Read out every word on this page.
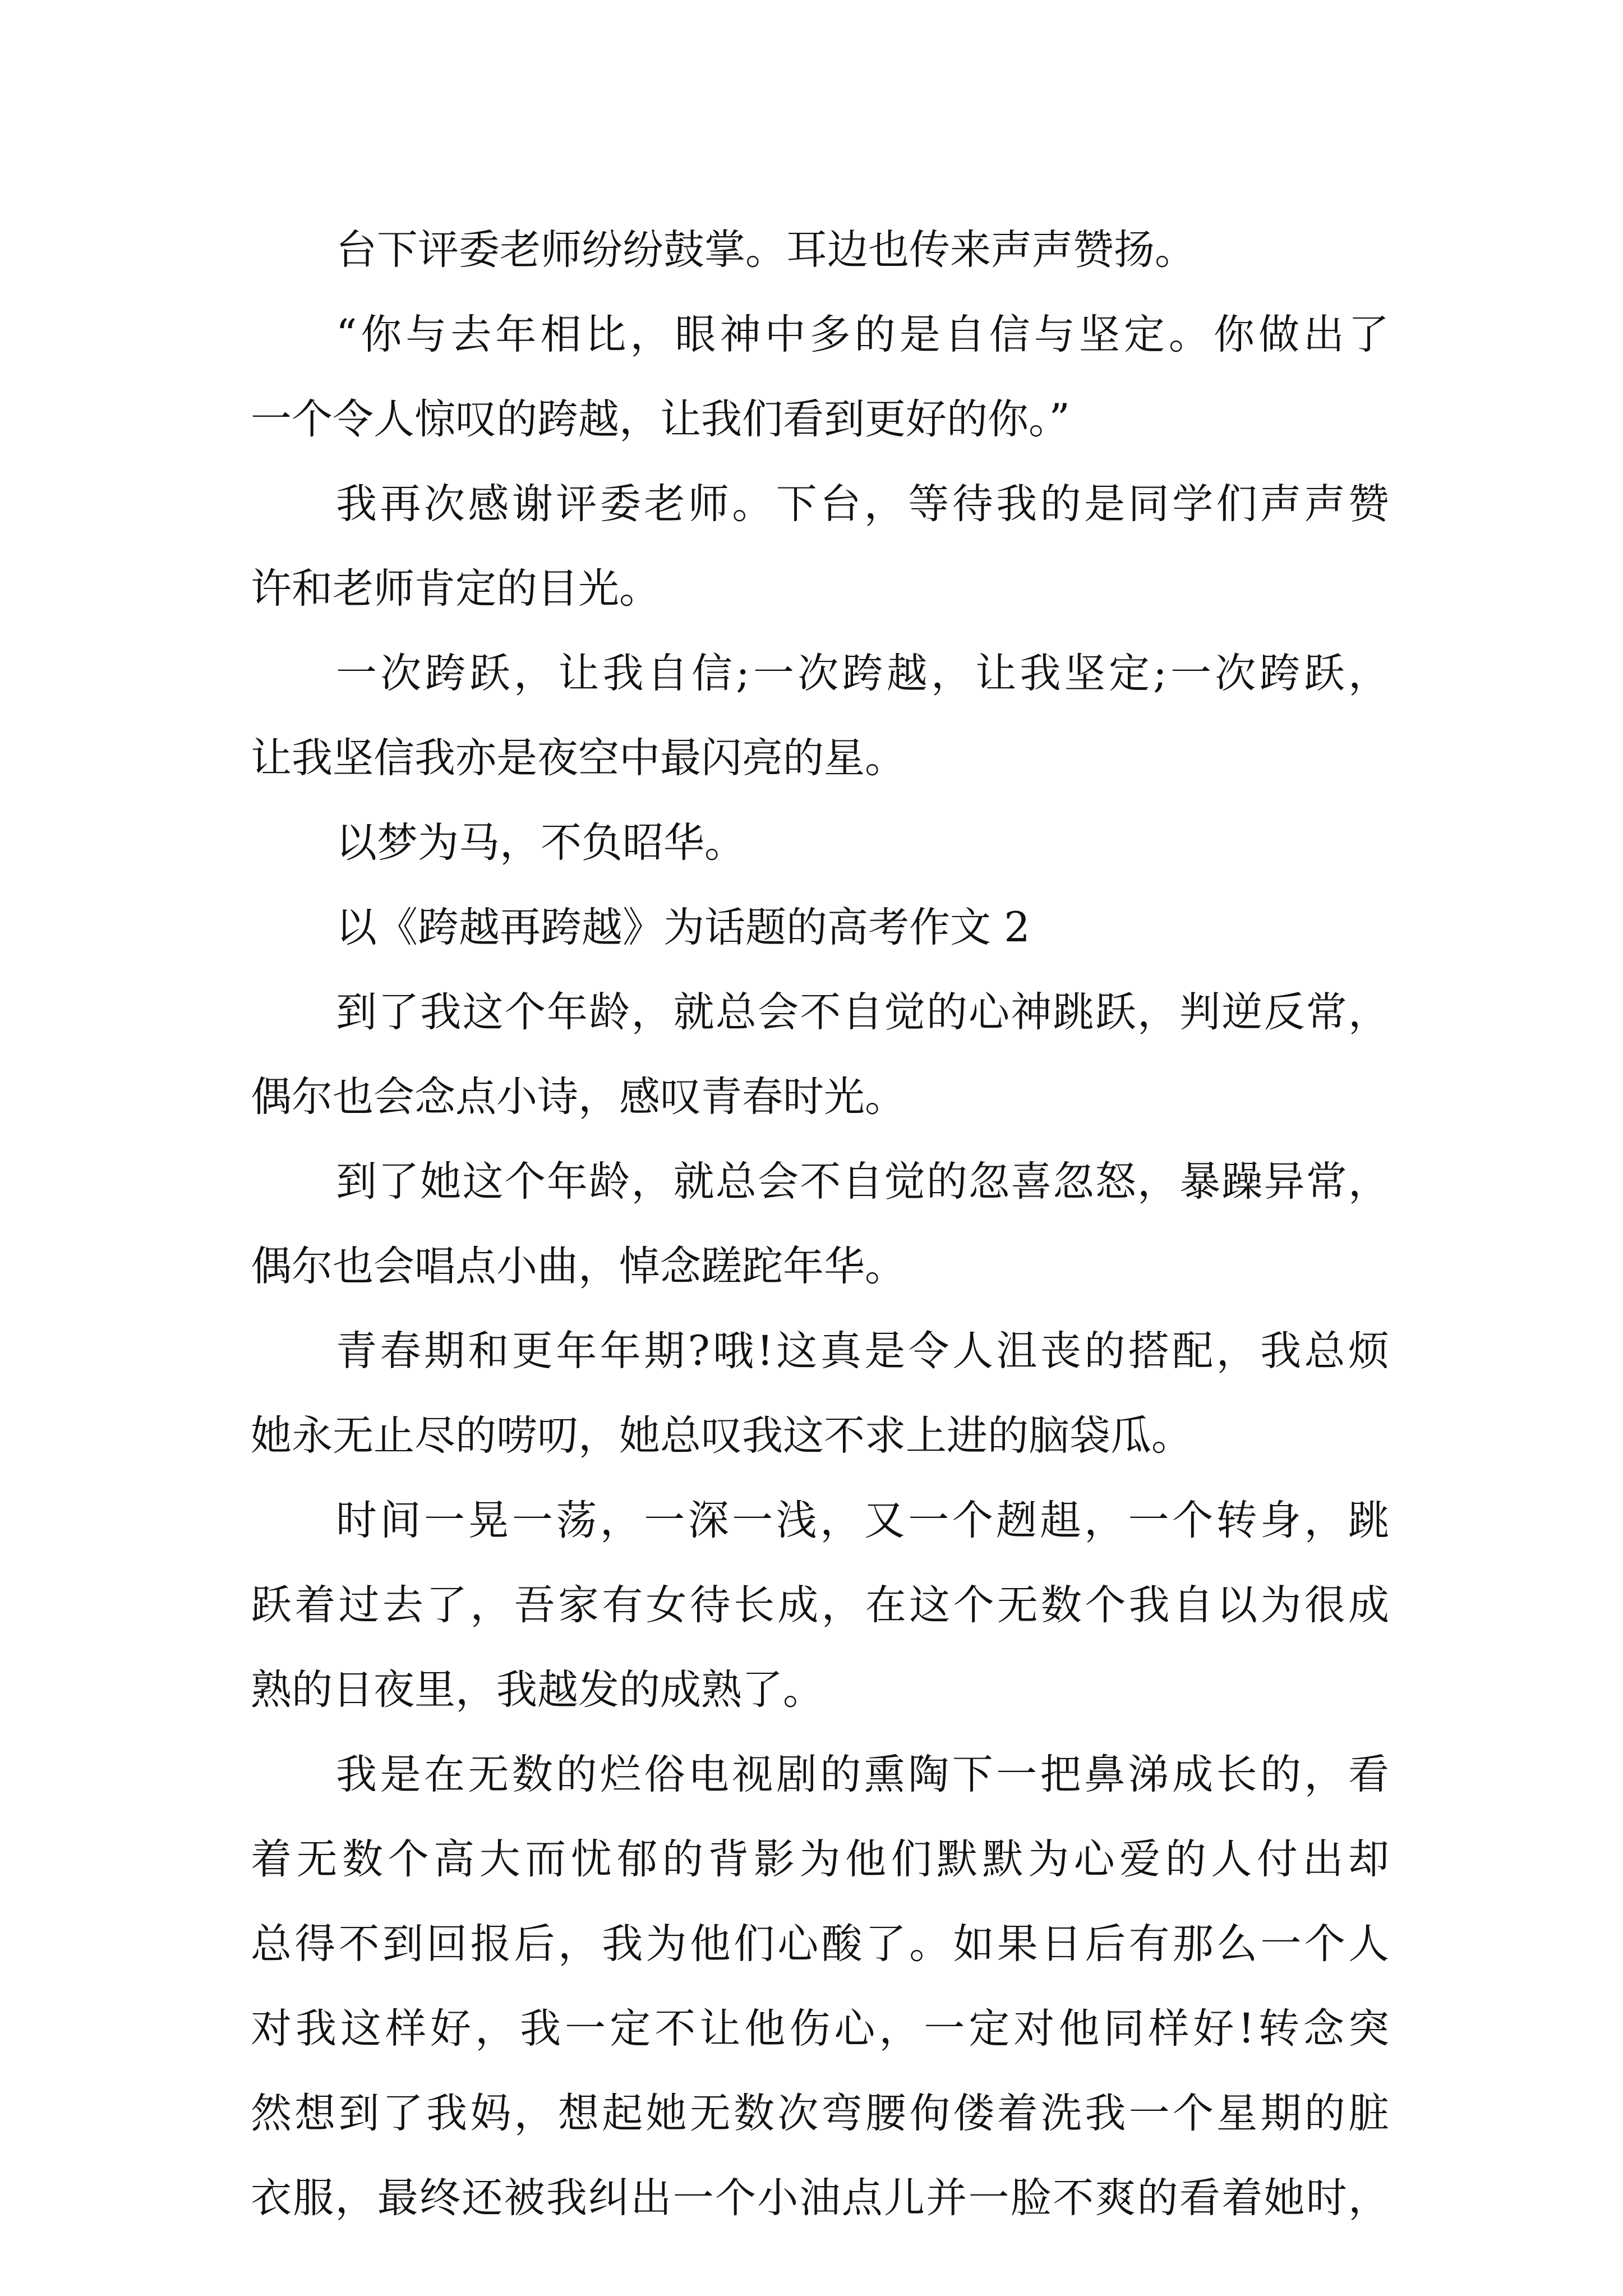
台下评委老师纷纷鼓掌。耳边也传来声声赞扬。
“你与去年相比，眼神中多的是自信与坚定。你做出了
一个令人惊叹的跨越，让我们看到更好的你。”
我再次感谢评委老师。下台，等待我的是同学们声声赞
许和老师肯定的目光。
一次跨跃，让我自信;一次跨越，让我坚定;一次跨跃，
让我坚信我亦是夜空中最闪亮的星。
以梦为马，不负昭华。
以《跨越再跨越》为话题的高考作文 2
到了我这个年龄，就总会不自觉的心神跳跃，判逆反常，
偶尔也会念点小诗，感叹青春时光。
到了她这个年龄，就总会不自觉的忽喜忽怒，暴躁异常，
偶尔也会唱点小曲，悼念蹉跎年华。
青春期和更年年期?哦!这真是令人沮丧的搭配，我总烦
她永无止尽的唠叨，她总叹我这不求上进的脑袋瓜。
时间一晃一荡，一深一浅，又一个趔趄，一个转身，跳
跃着过去了，吾家有女待长成，在这个无数个我自以为很成
熟的日夜里，我越发的成熟了。
我是在无数的烂俗电视剧的熏陶下一把鼻涕成长的，看
着无数个高大而忧郁的背影为他们默默为心爱的人付出却
总得不到回报后，我为他们心酸了。如果日后有那么一个人
对我这样好，我一定不让他伤心，一定对他同样好!转念突
然想到了我妈，想起她无数次弯腰佝偻着洗我一个星期的脏
衣服，最终还被我纠出一个小油点儿并一脸不爽的看着她时，
